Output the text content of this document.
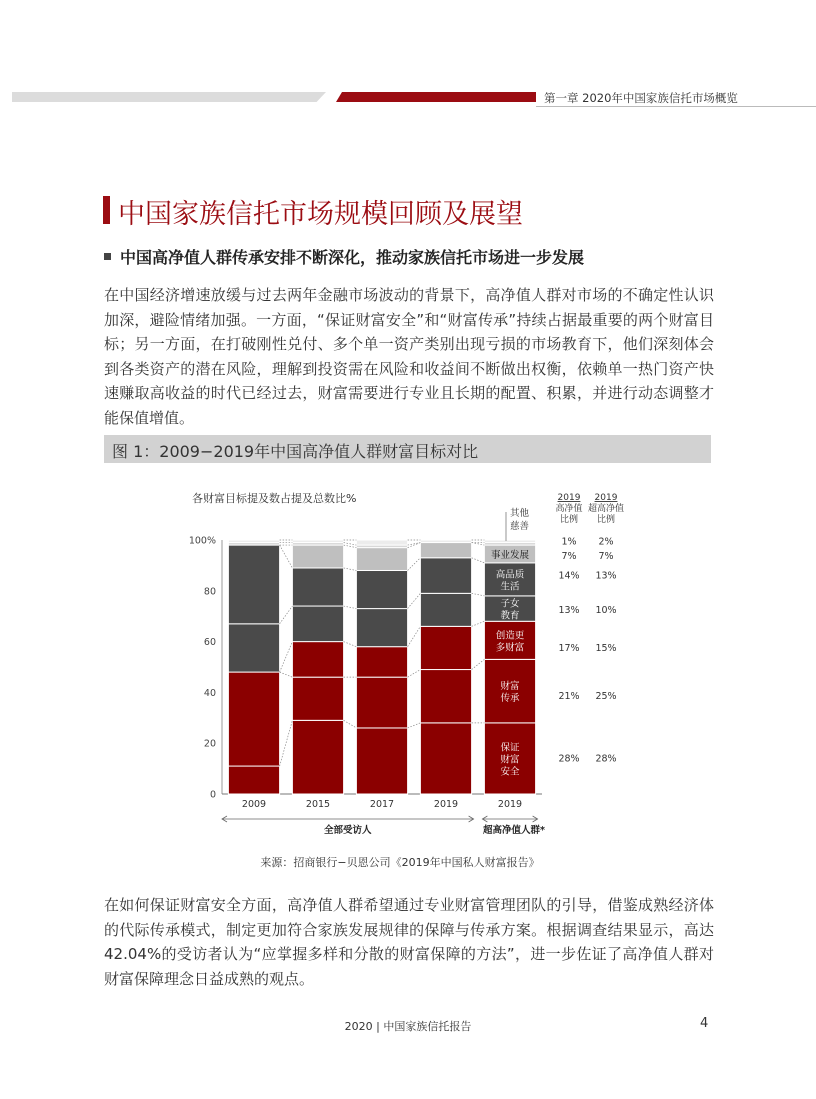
第一章 2020年中国家族信托市场概览
中国家族信托市场规模回顾及展望
中国高净值人群传承安排不断深化，推动家族信托市场进一步发展
在中国经济增速放缓与过去两年金融市场波动的背景下，高净值人群对市场的不确定性认识加深，避险情绪加强。一方面，“保证财富安全”和“财富传承”持续占据最重要的两个财富目标；另一方面，在打破刚性兑付、多个单一资产类别出现亏损的市场教育下，他们深刻体会到各类资产的潜在风险，理解到投资需在风险和收益间不断做出权衡，依赖单一热门资产快速赚取高收益的时代已经过去，财富需要进行专业且长期的配置、积累，并进行动态调整才能保值增值。
图 1：2009−2019年中国高净值人群财富目标对比
各财富目标提及数占提及总数比%
0
20
40
60
80
100%
2009	2015	2017	2019	2019
保证
财富
安全
财富
传承
创造更
多财富
子女
教育
高品质
生活
事业发展
其他
慈善
2019
高净值
比例
2019
超高净值
比例
1% 2%
7% 7%
14% 13%
13% 10%
17% 15%
21% 25%
28% 28%
全部受访人	超高净值人群*
来源：招商银行−贝恩公司《2019年中国私人财富报告》
在如何保证财富安全方面，高净值人群希望通过专业财富管理团队的引导，借鉴成熟经济体的代际传承模式，制定更加符合家族发展规律的保障与传承方案。根据调查结果显示，高达42.04%的受访者认为“应掌握多样和分散的财富保障的方法”，进一步佐证了高净值人群对财富保障理念日益成熟的观点。
2020 | 中国家族信托报告	4
